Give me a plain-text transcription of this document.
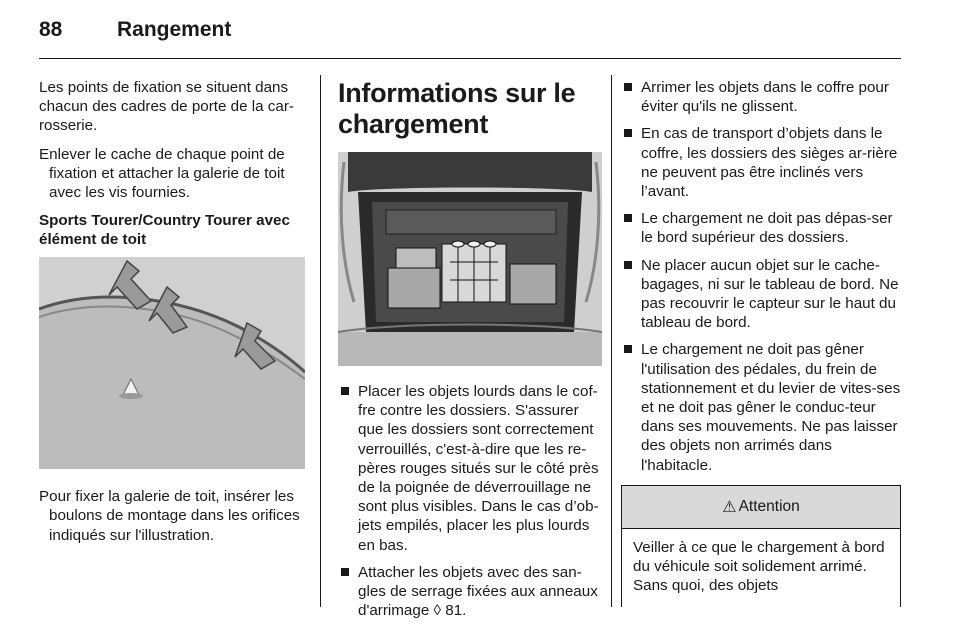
88	Rangement

Les points de fixation se situent dans chacun des cadres de porte de la car-rosserie.

Enlever le cache de chaque point de fixation et attacher la galerie de toit avec les vis fournies.

Sports Tourer/Country Tourer avec élément de toit

Pour fixer la galerie de toit, insérer les boulons de montage dans les orifices indiqués sur l'illustration.

Informations sur le chargement
Placer les objets lourds dans le cof-fre contre les dossiers. S'assurer que les dossiers sont correctement verrouillés, c'est-à-dire que les re-pères rouges situés sur le côté près de la poignée de déverrouillage ne sont plus visibles. Dans le cas d’ob-jets empilés, placer les plus lourds en bas.
Attacher les objets avec des san-gles de serrage fixées aux anneaux d'arrimage ◊ 81.
Arrimer les objets dans le coffre pour éviter qu'ils ne glissent.
En cas de transport d’objets dans le coffre, les dossiers des sièges ar-rière ne peuvent pas être inclinés vers l’avant.
Le chargement ne doit pas dépas-ser le bord supérieur des dossiers.
Ne placer aucun objet sur le cache-bagages, ni sur le tableau de bord. Ne pas recouvrir le capteur sur le haut du tableau de bord.
Le chargement ne doit pas gêner l'utilisation des pédales, du frein de stationnement et du levier de vites-ses et ne doit pas gêner le conduc-teur dans ses mouvements. Ne pas laisser des objets non arrimés dans l'habitacle.
⚠ Attention
Veiller à ce que le chargement à bord du véhicule soit solidement arrimé. Sans quoi, des objets
